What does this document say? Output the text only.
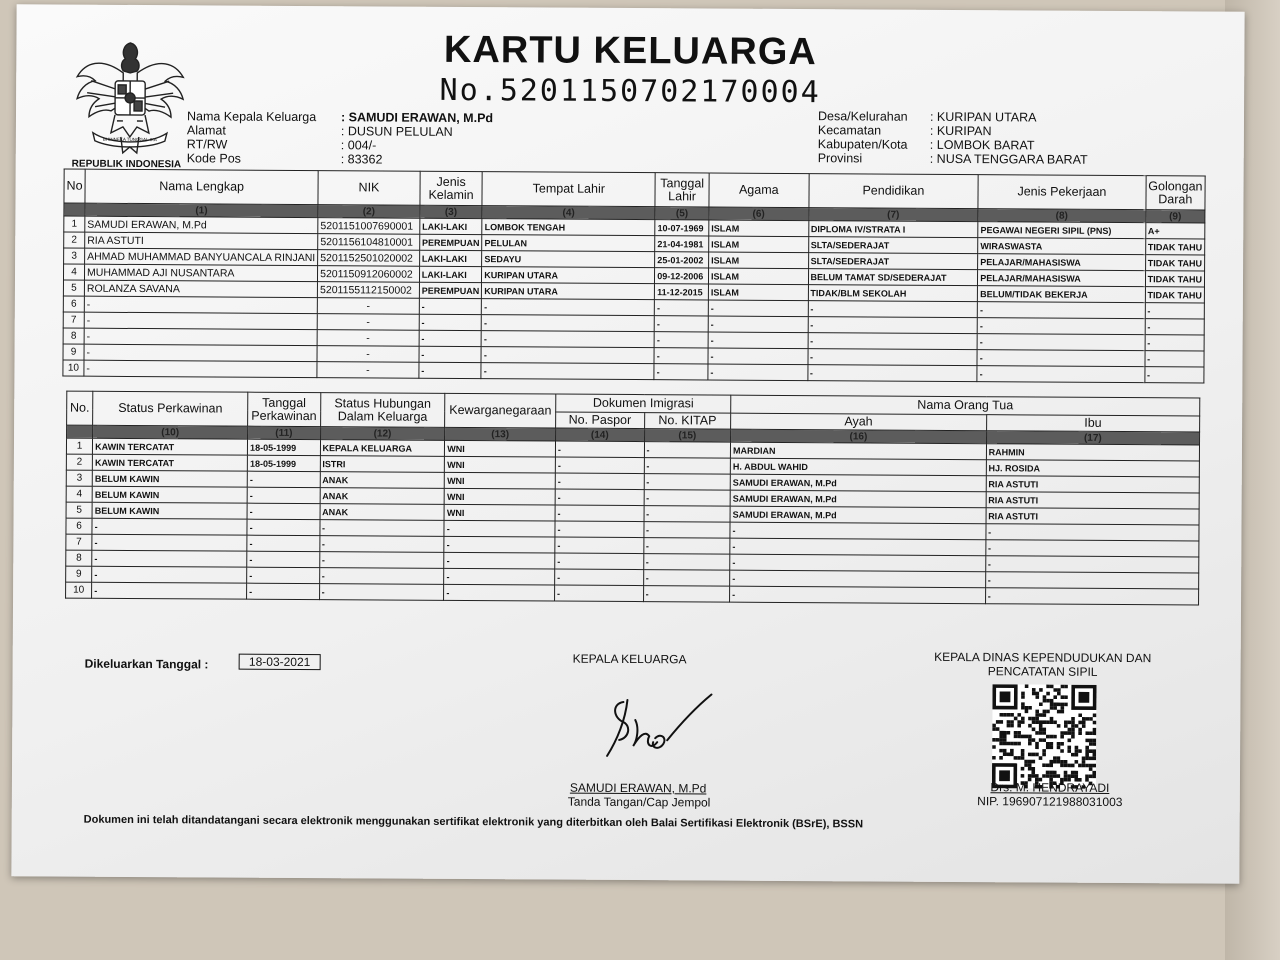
BHINNEKA TUNGGAL IKA
REPUBLIK INDONESIA
KARTU KELUARGA
No.5201150702170004
Nama Kepala Keluarga	: SAMUDI ERAWAN, M.Pd
Alamat	: DUSUN PELULAN
RT/RW	: 004/-
Kode Pos	: 83362
Desa/Kelurahan	: KURIPAN UTARA
Kecamatan	: KURIPAN
Kabupaten/Kota	: LOMBOK BARAT
Provinsi	: NUSA TENGGARA BARAT
No	Nama Lengkap	NIK	Jenis Kelamin	Tempat Lahir	Tanggal Lahir	Agama	Pendidikan	Jenis Pekerjaan	Golongan Darah
	(1)	(2)	(3)	(4)	(5)	(6)	(7)	(8)	(9)
1	SAMUDI ERAWAN, M.Pd	5201151007690001	LAKI-LAKI	LOMBOK TENGAH	10-07-1969	ISLAM	DIPLOMA IV/STRATA I	PEGAWAI NEGERI SIPIL (PNS)	A+
2	RIA ASTUTI	5201156104810001	PEREMPUAN	PELULAN	21-04-1981	ISLAM	SLTA/SEDERAJAT	WIRASWASTA	TIDAK TAHU
3	AHMAD MUHAMMAD BANYUANCALA RINJANI	5201152501020002	LAKI-LAKI	SEDAYU	25-01-2002	ISLAM	SLTA/SEDERAJAT	PELAJAR/MAHASISWA	TIDAK TAHU
4	MUHAMMAD AJI NUSANTARA	5201150912060002	LAKI-LAKI	KURIPAN UTARA	09-12-2006	ISLAM	BELUM TAMAT SD/SEDERAJAT	PELAJAR/MAHASISWA	TIDAK TAHU
5	ROLANZA SAVANA	5201155112150002	PEREMPUAN	KURIPAN UTARA	11-12-2015	ISLAM	TIDAK/BLM SEKOLAH	BELUM/TIDAK BEKERJA	TIDAK TAHU
6	-	-	-	-	-	-	-	-	-
7	-	-	-	-	-	-	-	-	-
8	-	-	-	-	-	-	-	-	-
9	-	-	-	-	-	-	-	-	-
10	-	-	-	-	-	-	-	-	-
No.	Status Perkawinan	Tanggal Perkawinan	Status Hubungan Dalam Keluarga	Kewarganegaraan	Dokumen Imigrasi		Nama Orang Tua	
					No. Paspor	No. KITAP	Ayah	Ibu
	(10)	(11)	(12)	(13)	(14)	(15)	(16)	(17)
1	KAWIN TERCATAT	18-05-1999	KEPALA KELUARGA	WNI	-	-	MARDIAN	RAHMIN
2	KAWIN TERCATAT	18-05-1999	ISTRI	WNI	-	-	H. ABDUL WAHID	HJ. ROSIDA
3	BELUM KAWIN	-	ANAK	WNI	-	-	SAMUDI ERAWAN, M.Pd	RIA ASTUTI
4	BELUM KAWIN	-	ANAK	WNI	-	-	SAMUDI ERAWAN, M.Pd	RIA ASTUTI
5	BELUM KAWIN	-	ANAK	WNI	-	-	SAMUDI ERAWAN, M.Pd	RIA ASTUTI
6	-	-	-	-	-	-	-	-
7	-	-	-	-	-	-	-	-
8	-	-	-	-	-	-	-	-
9	-	-	-	-	-	-	-	-
10	-	-	-	-	-	-	-	-
Dikeluarkan Tanggal :	18-03-2021	KEPALA KELUARGA
SAMUDI ERAWAN, M.Pd
Tanda Tangan/Cap Jempol
KEPALA DINAS KEPENDUDUKAN DAN
PENCATATAN SIPIL
Drs. M. HENDRAYADI
NIP. 196907121988031003
Dokumen ini telah ditandatangani secara elektronik menggunakan sertifikat elektronik yang diterbitkan oleh Balai Sertifikasi Elektronik (BSrE), BSSN
